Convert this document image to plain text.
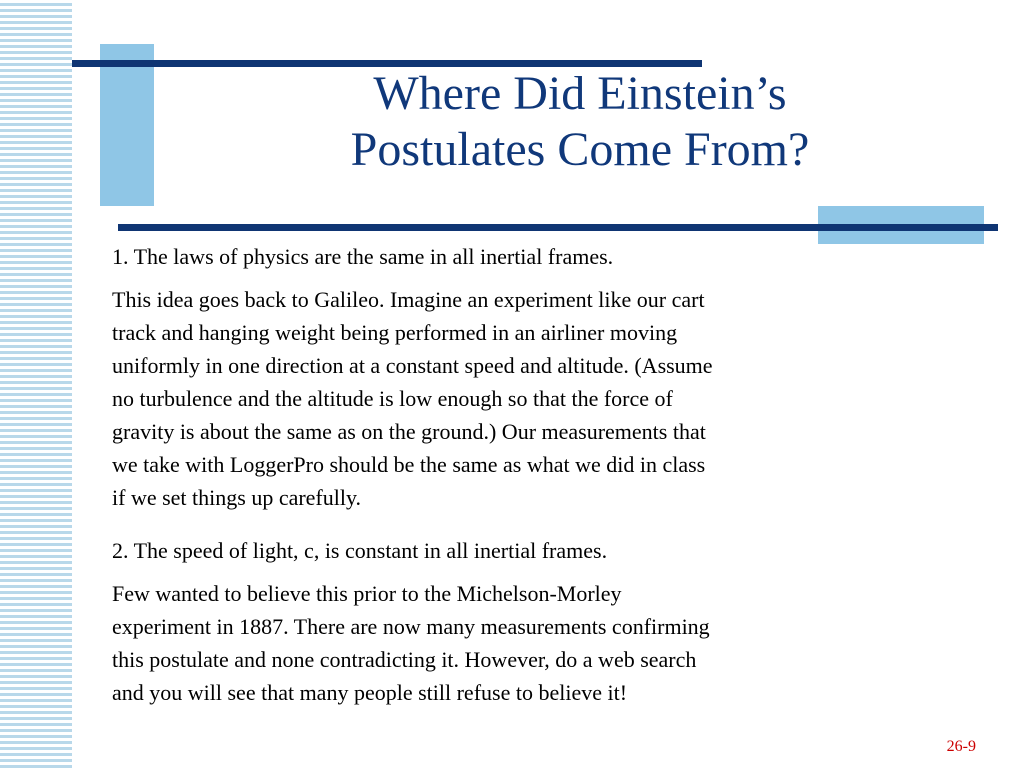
Where Did Einstein’s
Postulates Come From?
1. The laws of physics are the same in all inertial frames.
This idea goes back to Galileo. Imagine an experiment like our cart
track and hanging weight being performed in an airliner moving
uniformly in one direction at a constant speed and altitude. (Assume
no turbulence and the altitude is low enough so that the force of
gravity is about the same as on the ground.) Our measurements that
we take with LoggerPro should be the same as what we did in class
if we set things up carefully.
2. The speed of light, c, is constant in all inertial frames.
Few wanted to believe this prior to the Michelson-Morley
experiment in 1887. There are now many measurements confirming
this postulate and none contradicting it. However, do a web search
and you will see that many people still refuse to believe it!
26-9
